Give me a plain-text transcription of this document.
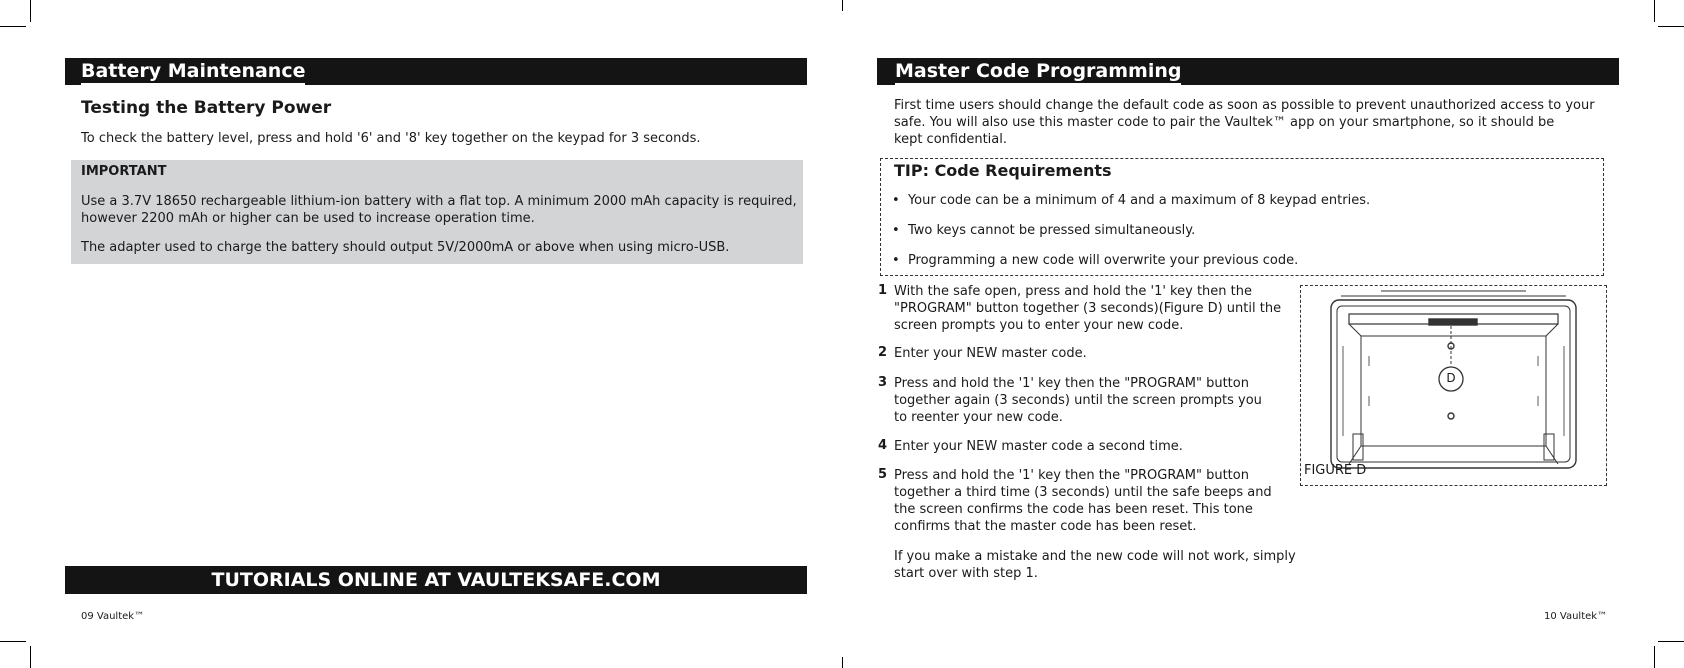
Battery Maintenance
Testing the Battery Power
To check the battery level, press and hold '6' and '8' key together on the keypad for 3 seconds.
IMPORTANT
Use a 3.7V 18650 rechargeable lithium-ion battery with a flat top. A minimum 2000 mAh capacity is required,
however 2200 mAh or higher can be used to increase operation time.
The adapter used to charge the battery should output 5V/2000mA or above when using micro-USB.
TUTORIALS ONLINE AT VAULTEKSAFE.COM
09 Vaultek™
Master Code Programming
First time users should change the default code as soon as possible to prevent unauthorized access to your
safe. You will also use this master code to pair the Vaultek™ app on your smartphone, so it should be
kept confidential.
TIP: Code Requirements
•  Your code can be a minimum of 4 and a maximum of 8 keypad entries.
•  Two keys cannot be pressed simultaneously.
•  Programming a new code will overwrite your previous code.
1 With the safe open, press and hold the '1' key then the
"PROGRAM" button together (3 seconds)(Figure D) until the
screen prompts you to enter your new code.
2 Enter your NEW master code.
3 Press and hold the '1' key then the "PROGRAM" button
together again (3 seconds) until the screen prompts you
to reenter your new code.
4 Enter your NEW master code a second time.
5 Press and hold the '1' key then the "PROGRAM" button
together a third time (3 seconds) until the safe beeps and
the screen confirms the code has been reset. This tone
confirms that the master code has been reset.
If you make a mistake and the new code will not work, simply
start over with step 1.
D
FIGURE D
10 Vaultek™
